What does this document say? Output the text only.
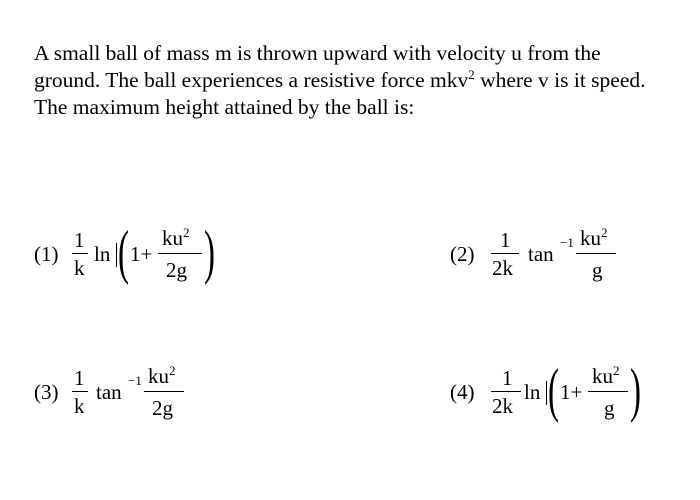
A small ball of mass m is thrown upward with velocity u from the ground. The ball experiences a resistive force mkv$^2$ where v is it speed. The maximum height attained by the ball is:

(1)
1
k
ln ( 1+
$ku^2$
2g )	(2)
1
2k
tan −1 $ku^2$
g
(3)
1
k
tan −1 $ku^2$
2g
(4)
1
2k
ln ( 1+
$ku^2$
g )
